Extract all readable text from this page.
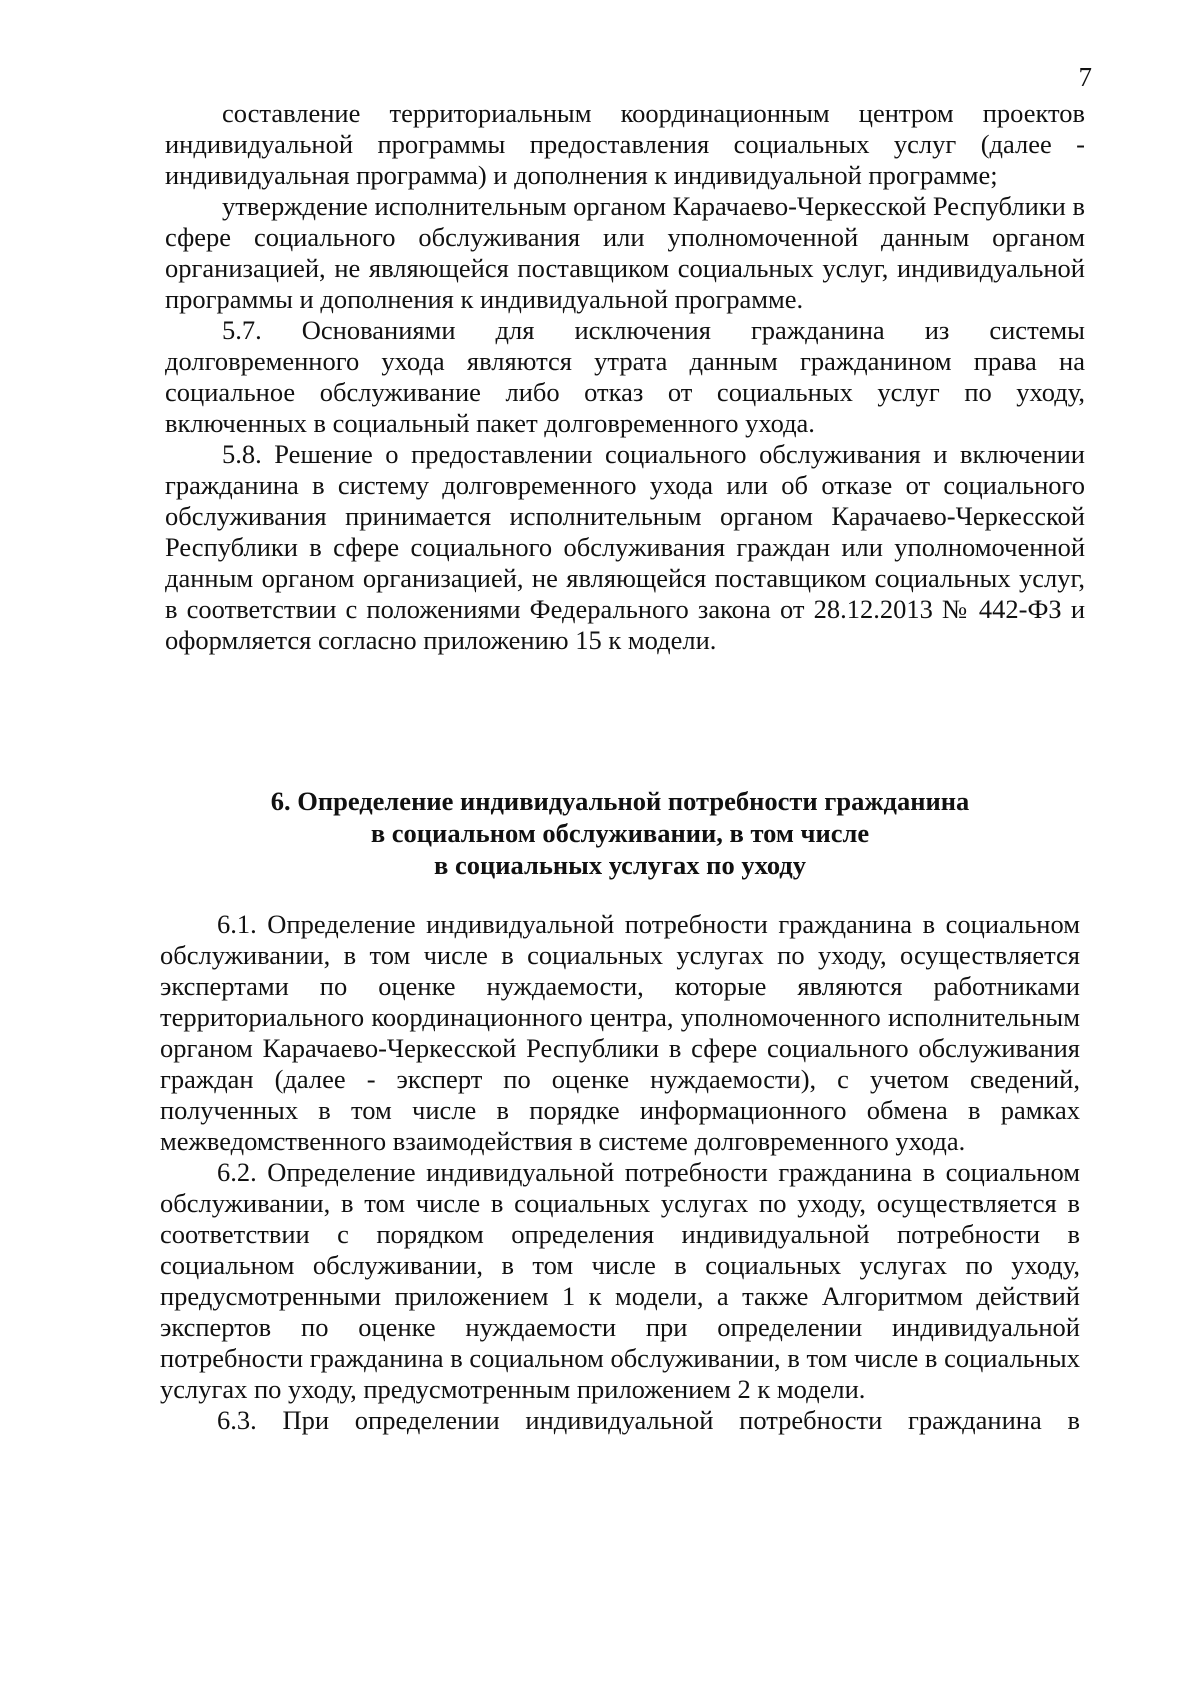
7

составление территориальным координационным центром проектов индивидуальной программы предоставления социальных услуг (далее - индивидуальная программа) и дополнения к индивидуальной программе;

утверждение исполнительным органом Карачаево-Черкесской Республики в сфере социального обслуживания или уполномоченной данным органом организацией, не являющейся поставщиком социальных услуг, индивидуальной программы и дополнения к индивидуальной программе.

5.7. Основаниями для исключения гражданина из системы долговременного ухода являются утрата данным гражданином права на социальное обслуживание либо отказ от социальных услуг по уходу, включенных в социальный пакет долговременного ухода.

5.8. Решение о предоставлении социального обслуживания и включении гражданина в систему долговременного ухода или об отказе от социального обслуживания принимается исполнительным органом Карачаево-Черкесской Республики в сфере социального обслуживания граждан или уполномоченной данным органом организацией, не являющейся поставщиком социальных услуг, в соответствии с положениями Федерального закона от 28.12.2013 № 442-ФЗ и оформляется согласно приложению 15 к модели.

6. Определение индивидуальной потребности гражданина
в социальном обслуживании, в том числе
в социальных услугах по уходу

6.1. Определение индивидуальной потребности гражданина в социальном обслуживании, в том числе в социальных услугах по уходу, осуществляется экспертами по оценке нуждаемости, которые являются работниками территориального координационного центра, уполномоченного исполнительным органом Карачаево-Черкесской Республики в сфере социального обслуживания граждан (далее - эксперт по оценке нуждаемости), с учетом сведений, полученных в том числе в порядке информационного обмена в рамках межведомственного взаимодействия в системе долговременного ухода.

6.2. Определение индивидуальной потребности гражданина в социальном обслуживании, в том числе в социальных услугах по уходу, осуществляется в соответствии с порядком определения индивидуальной потребности в социальном обслуживании, в том числе в социальных услугах по уходу, предусмотренными приложением 1 к модели, а также Алгоритмом действий экспертов по оценке нуждаемости при определении индивидуальной потребности гражданина в социальном обслуживании, в том числе в социальных услугах по уходу, предусмотренным приложением 2 к модели.

6.3. При определении индивидуальной потребности гражданина в
